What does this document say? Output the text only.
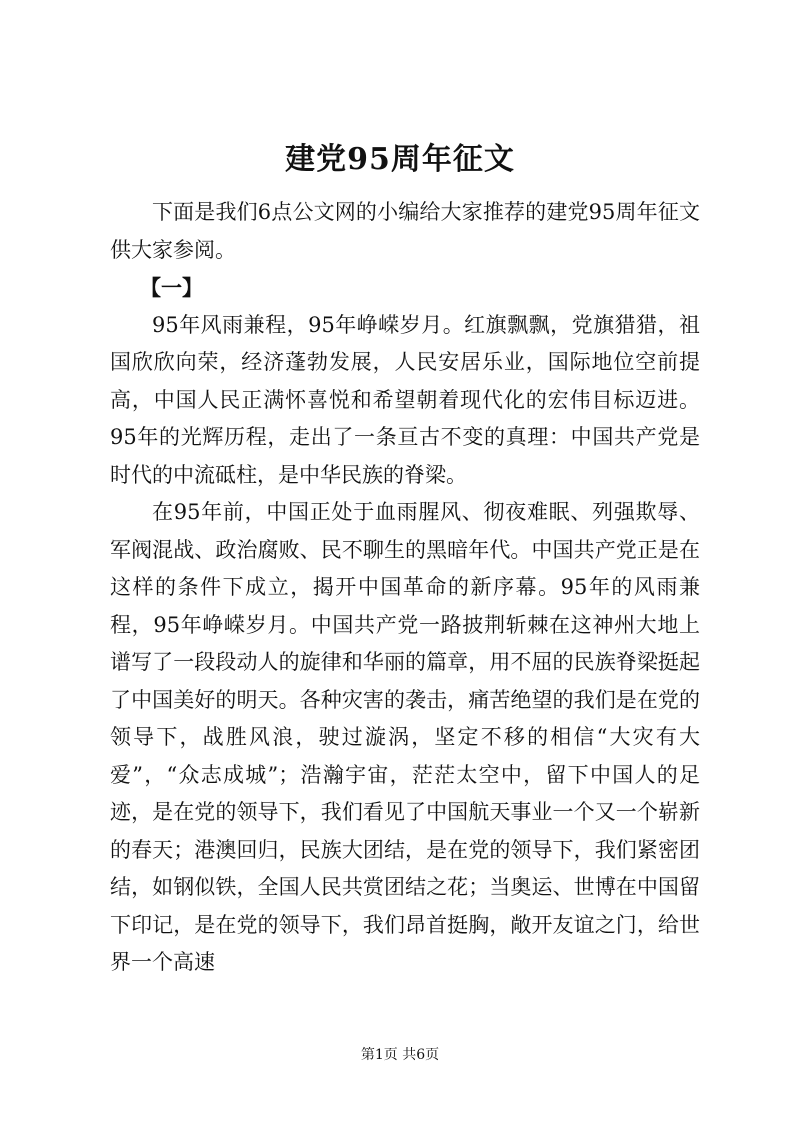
建党95周年征文

下面是我们6点公文网的小编给大家推荐的建党95周年征文供大家参阅。

【一】

95年风雨兼程，95年峥嵘岁月。红旗飘飘，党旗猎猎，祖国欣欣向荣，经济蓬勃发展，人民安居乐业，国际地位空前提高，中国人民正满怀喜悦和希望朝着现代化的宏伟目标迈进。95年的光辉历程，走出了一条亘古不变的真理：中国共产党是时代的中流砥柱，是中华民族的脊梁。

在95年前，中国正处于血雨腥风、彻夜难眠、列强欺辱、军阀混战、政治腐败、民不聊生的黑暗年代。中国共产党正是在这样的条件下成立，揭开中国革命的新序幕。95年的风雨兼程，95年峥嵘岁月。中国共产党一路披荆斩棘在这神州大地上谱写了一段段动人的旋律和华丽的篇章，用不屈的民族脊梁挺起了中国美好的明天。各种灾害的袭击，痛苦绝望的我们是在党的领导下，战胜风浪，驶过漩涡，坚定不移的相信“大灾有大爱”，“众志成城”；浩瀚宇宙，茫茫太空中，留下中国人的足迹，是在党的领导下，我们看见了中国航天事业一个又一个崭新的春天；港澳回归，民族大团结，是在党的领导下，我们紧密团结，如钢似铁，全国人民共赏团结之花；当奥运、世博在中国留下印记，是在党的领导下，我们昂首挺胸，敞开友谊之门，给世界一个高速

第1页 共6页
